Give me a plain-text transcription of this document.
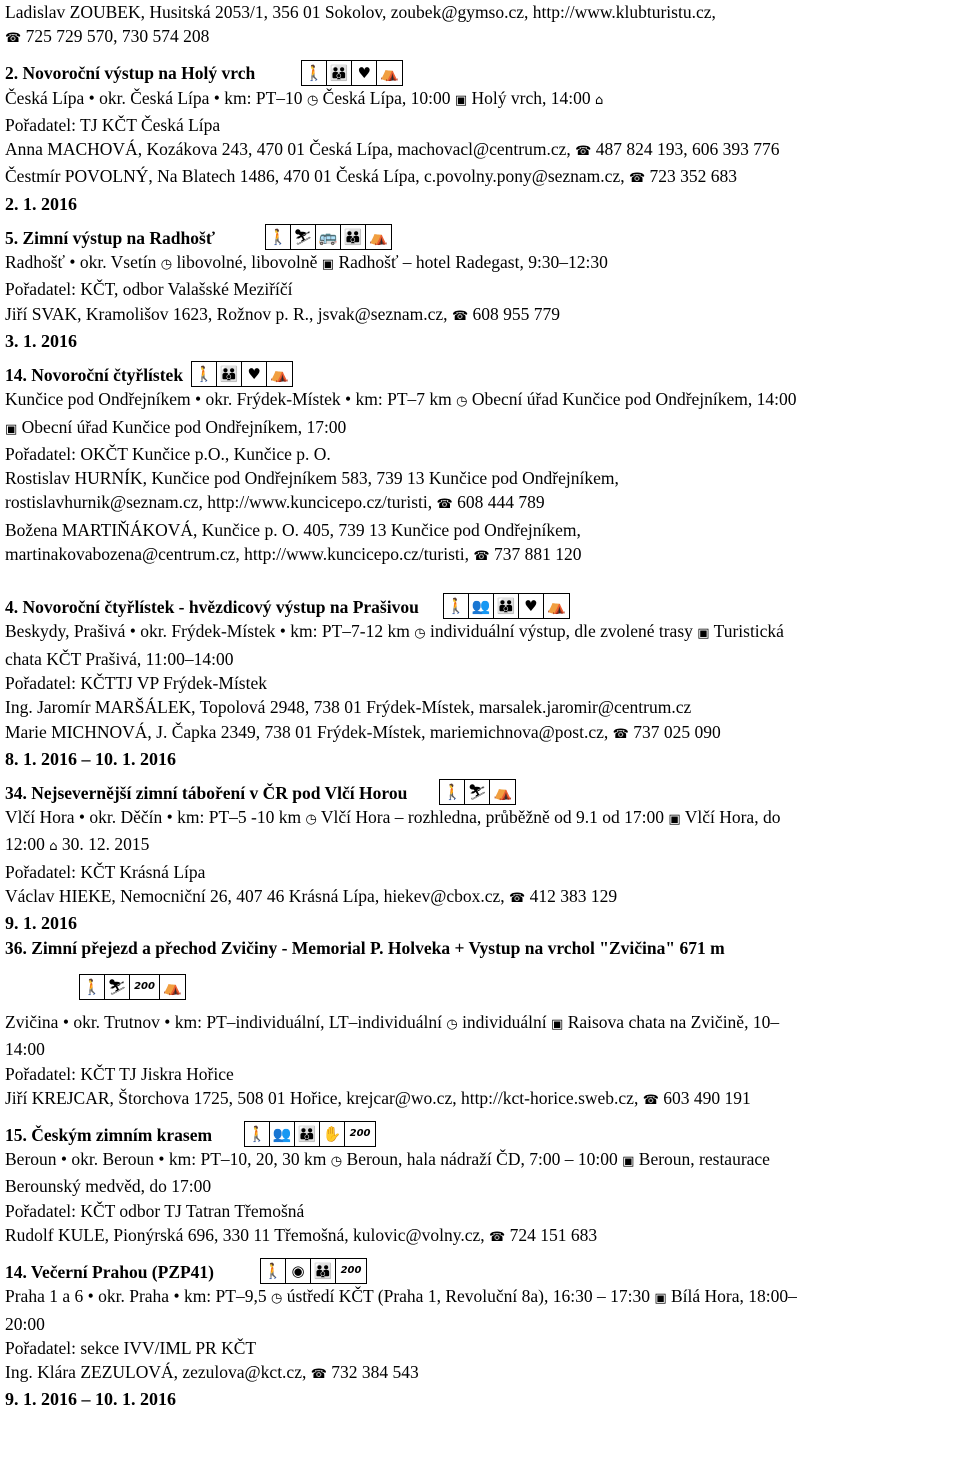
Ladislav ZOUBEK, Husitská 2053/1, 356 01 Sokolov, zoubek@gymso.cz, http://www.klubturistu.cz,
☎ 725 729 570, 730 574 208
2. Novoroční výstup na Holý vrch	🚶 👪 ♥ ⛺
Česká Lípa • okr. Česká Lípa • km: PT–10 ◷ Česká Lípa, 10:00 ▣ Holý vrch, 14:00 ⌂
Pořadatel: TJ KČT Česká Lípa
Anna MACHOVÁ, Kozákova 243, 470 01 Česká Lípa, machovacl@centrum.cz, ☎ 487 824 193, 606 393 776
Čestmír POVOLNÝ, Na Blatech 1486, 470 01 Česká Lípa, c.povolny.pony@seznam.cz, ☎ 723 352 683
2. 1. 2016
5. Zimní výstup na Radhošť	🚶 ⛷ 🚌 👪 ⛺
Radhošť • okr. Vsetín ◷ libovolné, libovolně ▣ Radhošť – hotel Radegast, 9:30–12:30
Pořadatel: KČT, odbor Valašské Meziříčí
Jiří SVAK, Kramolišov 1623, Rožnov p. R., jsvak@seznam.cz, ☎ 608 955 779
3. 1. 2016
14. Novoroční čtyřlístek 🚶 👪 ♥ ⛺
Kunčice pod Ondřejníkem • okr. Frýdek-Místek • km: PT–7 km ◷ Obecní úřad Kunčice pod Ondřejníkem, 14:00
▣ Obecní úřad Kunčice pod Ondřejníkem, 17:00
Pořadatel: OKČT Kunčice p.O., Kunčice p. O.
Rostislav HURNÍK, Kunčice pod Ondřejníkem 583, 739 13 Kunčice pod Ondřejníkem,
rostislavhurnik@seznam.cz, http://www.kuncicepo.cz/turisti, ☎ 608 444 789
Božena MARTIŇÁKOVÁ, Kunčice p. O. 405, 739 13 Kunčice pod Ondřejníkem,
martinakovabozena@centrum.cz, http://www.kuncicepo.cz/turisti, ☎ 737 881 120
4. Novoroční čtyřlístek - hvězdicový výstup na Prašivou 🚶 👥 👪 ♥ ⛺
Beskydy, Prašivá • okr. Frýdek-Místek • km: PT–7-12 km ◷ individuální výstup, dle zvolené trasy ▣ Turistická
chata KČT Prašivá, 11:00–14:00
Pořadatel: KČTTJ VP Frýdek-Místek
Ing. Jaromír MARŠÁLEK, Topolová 2948, 738 01 Frýdek-Místek, marsalek.jaromir@centrum.cz
Marie MICHNOVÁ, J. Čapka 2349, 738 01 Frýdek-Místek, mariemichnova@post.cz, ☎ 737 025 090
8. 1. 2016 – 10. 1. 2016
34. Nejsevernější zimní táboření v ČR pod Vlčí Horou 🚶 ⛷ ⛺
Vlčí Hora • okr. Děčín • km: PT–5 -10 km ◷ Vlčí Hora – rozhledna, průběžně od 9.1 od 17:00 ▣ Vlčí Hora, do
12:00 ⌂ 30. 12. 2015
Pořadatel: KČT Krásná Lípa
Václav HIEKE, Nemocniční 26, 407 46 Krásná Lípa, hiekev@cbox.cz, ☎ 412 383 129
9. 1. 2016
36. Zimní přejezd a přechod Zvičiny - Memorial P. Holveka + Vystup na vrchol "Zvičina" 671 m
🚶 ⛷ 200 ⛺
Zvičina • okr. Trutnov • km: PT–individuální, LT–individuální ◷ individuální ▣ Raisova chata na Zvičině, 10–
14:00
Pořadatel: KČT TJ Jiskra Hořice
Jiří KREJCAR, Štorchova 1725, 508 01 Hořice, krejcar@wo.cz, http://kct-horice.sweb.cz, ☎ 603 490 191
15. Českým zimním krasem 🚶 👥 👪 ✋ 200
Beroun • okr. Beroun • km: PT–10, 20, 30 km ◷ Beroun, hala nádraží ČD, 7:00 – 10:00 ▣ Beroun, restaurace
Berounský medvěd, do 17:00
Pořadatel: KČT odbor TJ Tatran Třemošná
Rudolf KULE, Pionýrská 696, 330 11 Třemošná, kulovic@volny.cz, ☎ 724 151 683
14. Večerní Prahou (PZP41)	🚶 ◉ 👪 200
Praha 1 a 6 • okr. Praha • km: PT–9,5 ◷ ústředí KČT (Praha 1, Revoluční 8a), 16:30 – 17:30 ▣ Bílá Hora, 18:00–
20:00
Pořadatel: sekce IVV/IML PR KČT
Ing. Klára ZEZULOVÁ, zezulova@kct.cz, ☎ 732 384 543
9. 1. 2016 – 10. 1. 2016
